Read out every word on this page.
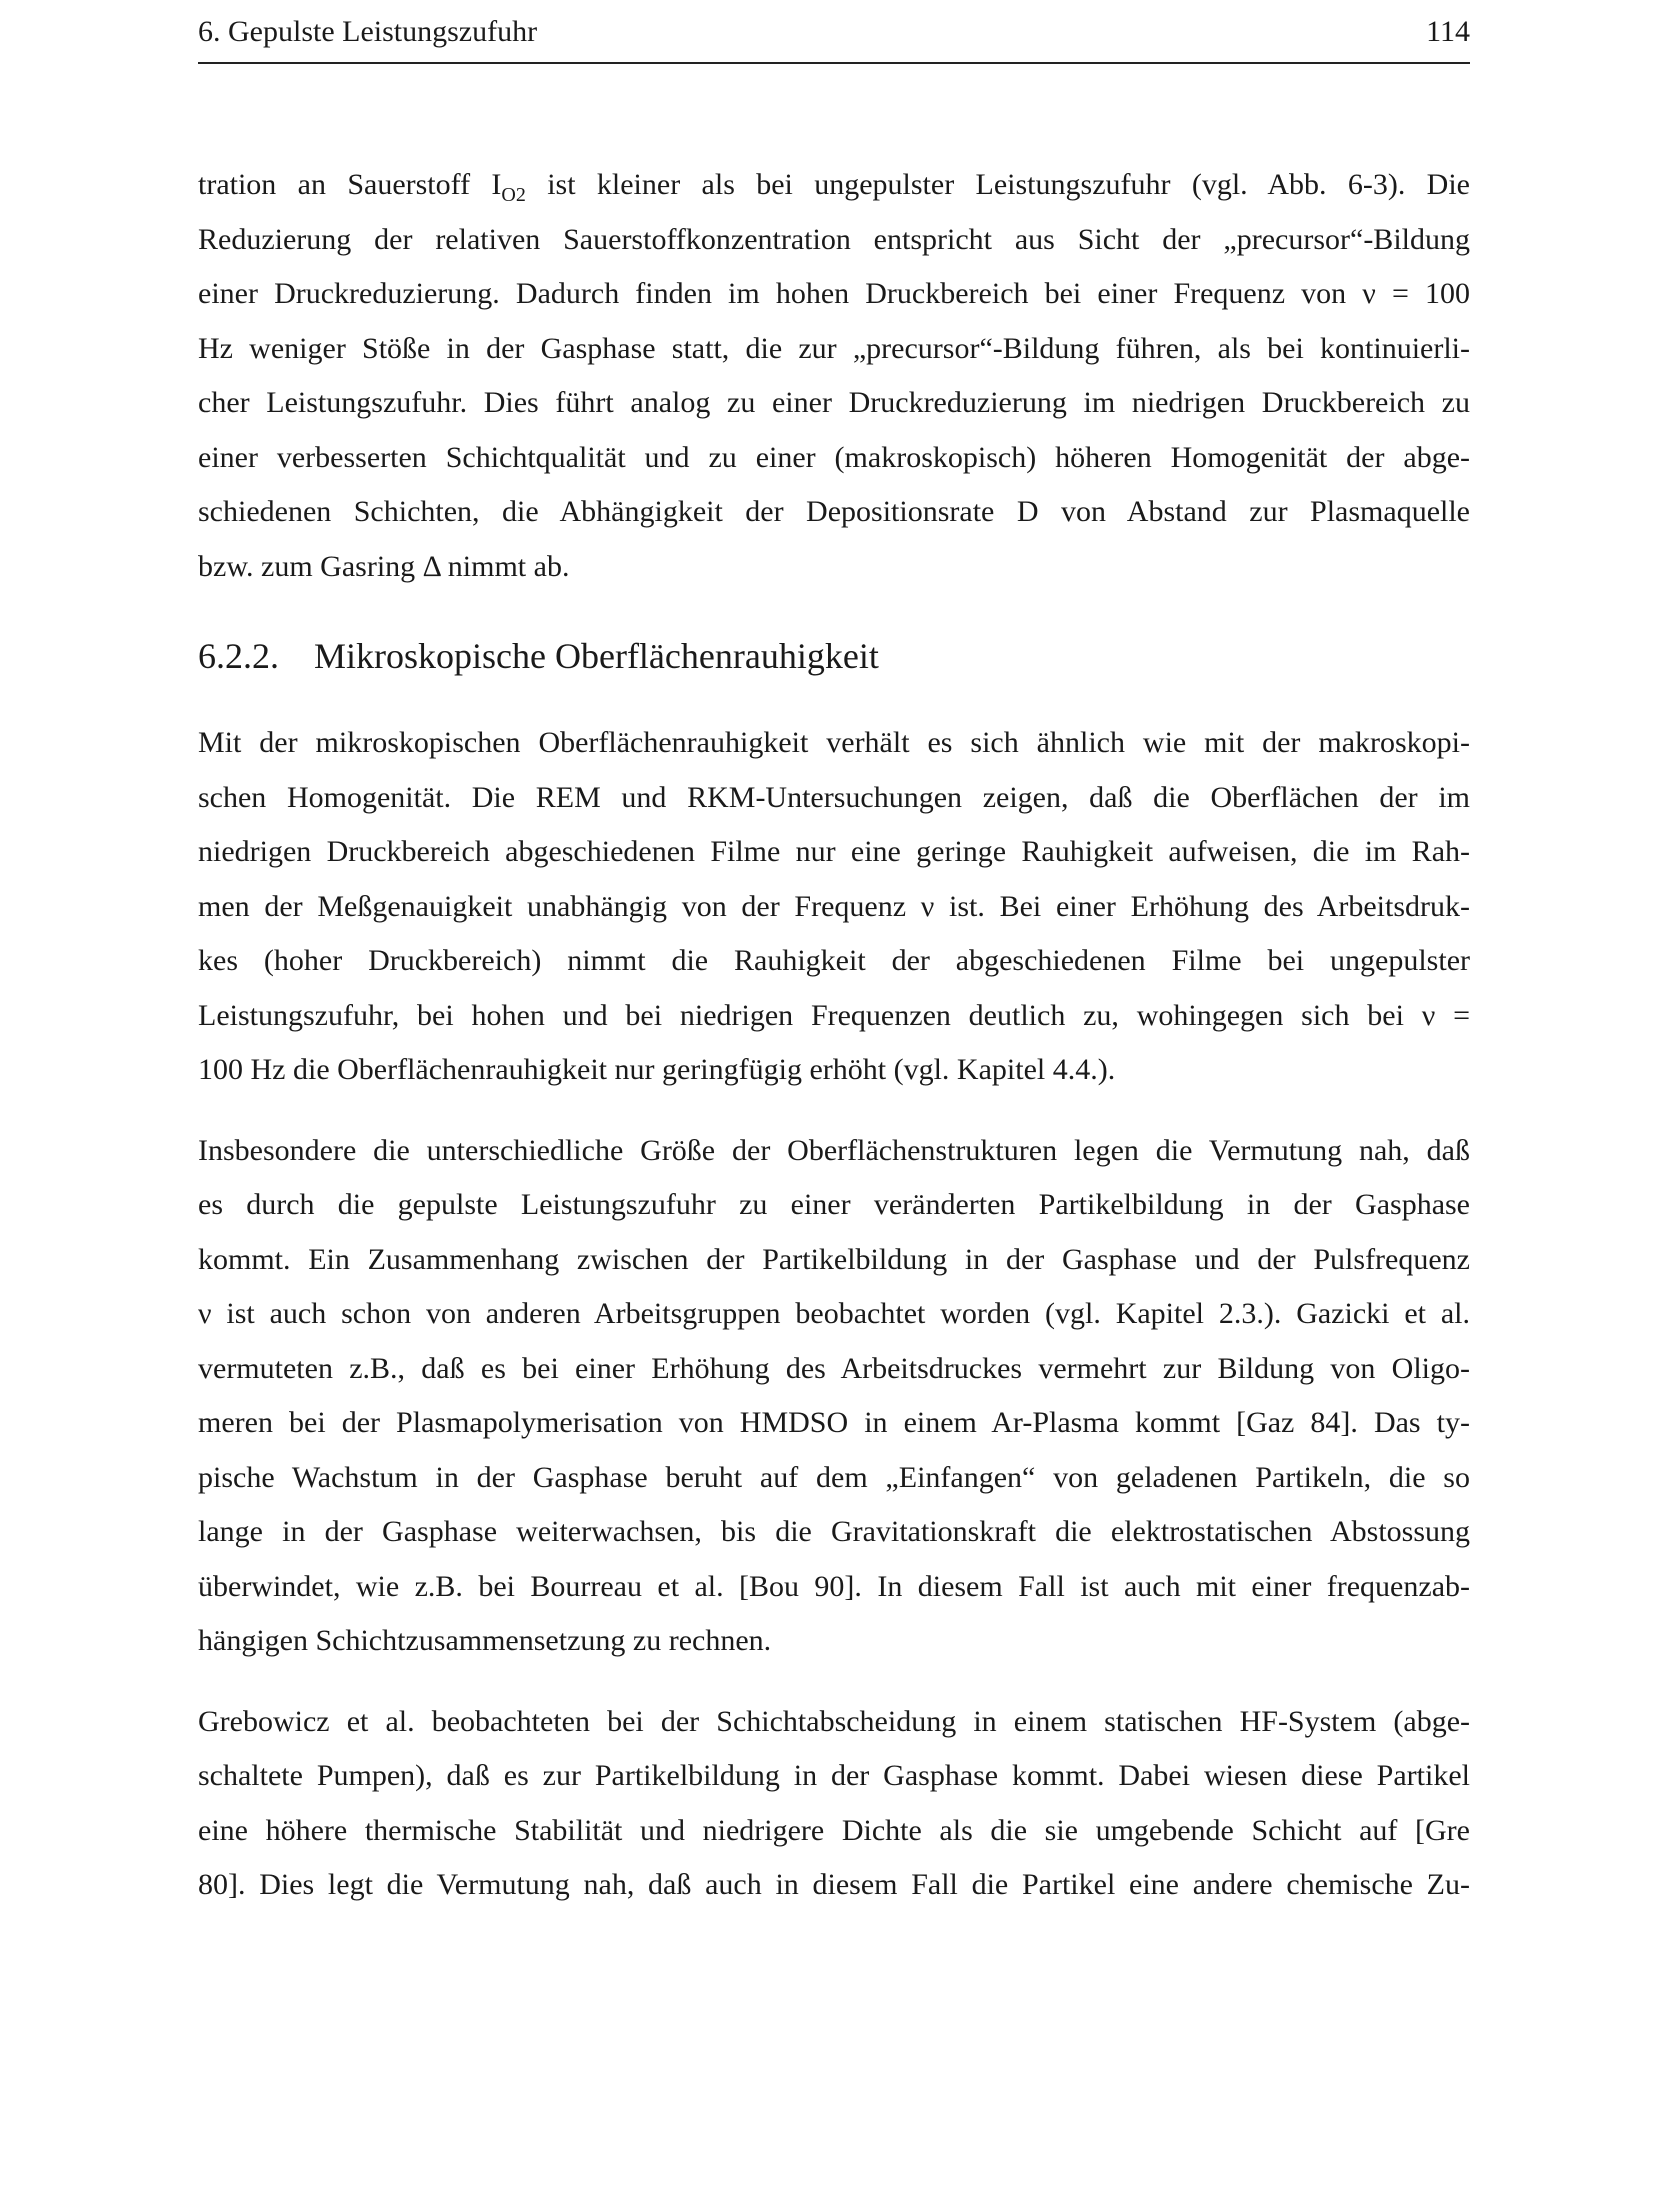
6. Gepulste Leistungszufuhr	114

tration an Sauerstoff $I_{O2}$ ist kleiner als bei ungepulster Leistungszufuhr (vgl. Abb. 6-3). Die
Reduzierung der relativen Sauerstoffkonzentration entspricht aus Sicht der „precursor“-Bildung
einer Druckreduzierung. Dadurch finden im hohen Druckbereich bei einer Frequenz von ν = 100
Hz weniger Stöße in der Gasphase statt, die zur „precursor“-Bildung führen, als bei kontinuierli-
cher Leistungszufuhr. Dies führt analog zu einer Druckreduzierung im niedrigen Druckbereich zu
einer verbesserten Schichtqualität und zu einer (makroskopisch) höheren Homogenität der abge-
schiedenen Schichten, die Abhängigkeit der Depositionsrate D von Abstand zur Plasmaquelle
bzw. zum Gasring Δ nimmt ab.

6.2.2. Mikroskopische Oberflächenrauhigkeit

Mit der mikroskopischen Oberflächenrauhigkeit verhält es sich ähnlich wie mit der makroskopi-
schen Homogenität. Die REM und RKM-Untersuchungen zeigen, daß die Oberflächen der im
niedrigen Druckbereich abgeschiedenen Filme nur eine geringe Rauhigkeit aufweisen, die im Rah-
men der Meßgenauigkeit unabhängig von der Frequenz ν ist. Bei einer Erhöhung des Arbeitsdruk-
kes (hoher Druckbereich) nimmt die Rauhigkeit der abgeschiedenen Filme bei ungepulster
Leistungszufuhr, bei hohen und bei niedrigen Frequenzen deutlich zu, wohingegen sich bei ν =
100 Hz die Oberflächenrauhigkeit nur geringfügig erhöht (vgl. Kapitel 4.4.).

Insbesondere die unterschiedliche Größe der Oberflächenstrukturen legen die Vermutung nah, daß
es durch die gepulste Leistungszufuhr zu einer veränderten Partikelbildung in der Gasphase
kommt. Ein Zusammenhang zwischen der Partikelbildung in der Gasphase und der Pulsfrequenz
ν ist auch schon von anderen Arbeitsgruppen beobachtet worden (vgl. Kapitel 2.3.). Gazicki et al.
vermuteten z.B., daß es bei einer Erhöhung des Arbeitsdruckes vermehrt zur Bildung von Oligo-
meren bei der Plasmapolymerisation von HMDSO in einem Ar-Plasma kommt [Gaz 84]. Das ty-
pische Wachstum in der Gasphase beruht auf dem „Einfangen“ von geladenen Partikeln, die so
lange in der Gasphase weiterwachsen, bis die Gravitationskraft die elektrostatischen Abstossung
überwindet, wie z.B. bei Bourreau et al. [Bou 90]. In diesem Fall ist auch mit einer frequenzab-
hängigen Schichtzusammensetzung zu rechnen.

Grebowicz et al. beobachteten bei der Schichtabscheidung in einem statischen HF-System (abge-
schaltete Pumpen), daß es zur Partikelbildung in der Gasphase kommt. Dabei wiesen diese Partikel
eine höhere thermische Stabilität und niedrigere Dichte als die sie umgebende Schicht auf [Gre
80]. Dies legt die Vermutung nah, daß auch in diesem Fall die Partikel eine andere chemische Zu-
